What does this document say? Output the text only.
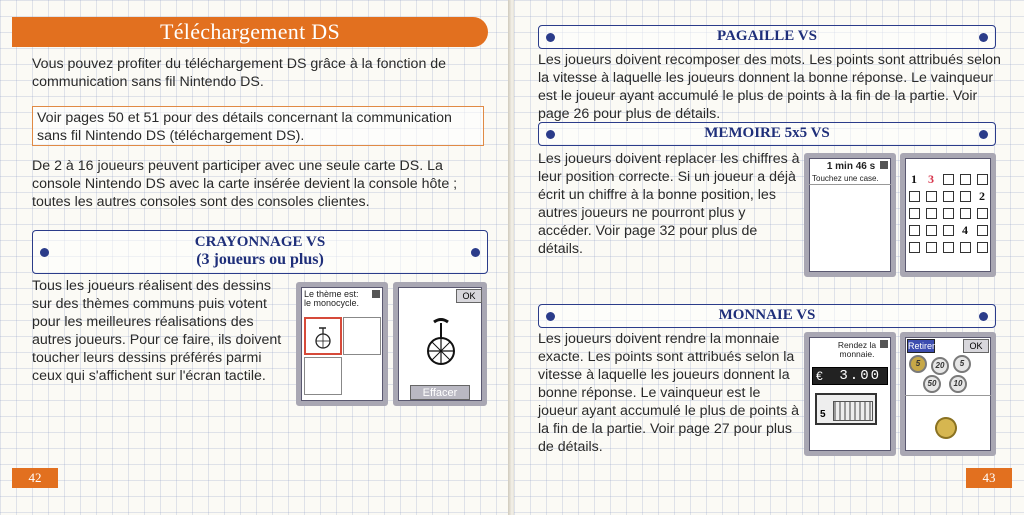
Téléchargement DS
Vous pouvez profiter du téléchargement DS grâce à la fonction de communication sans fil Nintendo DS.
Voir pages 50 et 51 pour des détails concernant la communication sans fil Nintendo DS (téléchargement DS).
De 2 à 16 joueurs peuvent participer avec une seule carte DS. La console Nintendo DS avec la carte insérée devient la console hôte ; toutes les autres consoles sont des consoles clientes.
CRAYONNAGE VS
(3 joueurs ou plus)
Tous les joueurs réalisent des dessins sur des thèmes communs puis votent pour les meilleures réalisations des autres joueurs. Pour ce faire, ils doivent toucher leurs dessins préférés parmi ceux qui s'affichent sur l'écran tactile.
Le thème est:
le monocycle.
OK
Effacer
42
PAGAILLE VS
Les joueurs doivent recomposer des mots. Les points sont attribués selon la vitesse à laquelle les joueurs donnent la bonne réponse. Le vainqueur est le joueur ayant accumulé le plus de points à la fin de la partie. Voir page 26 pour plus de détails.
MEMOIRE 5x5 VS
Les joueurs doivent replacer les chiffres à leur position correcte. Si un joueur a déjà écrit un chiffre à la bonne position, les autres joueurs ne pourront plus y accéder. Voir page 32 pour plus de détails.
1 min 46 s
Touchez une case.	1 3
2
4
MONNAIE VS
Les joueurs doivent rendre la monnaie exacte. Les points sont attribués selon la vitesse à laquelle les joueurs donnent la bonne réponse. Le vainqueur est le joueur ayant accumulé le plus de points à la fin de la partie. Voir page 27 pour plus de détails.
Rendez la
monnaie.
€ 3.00
5
Retirer	OK
5	20	5
50	10
43
